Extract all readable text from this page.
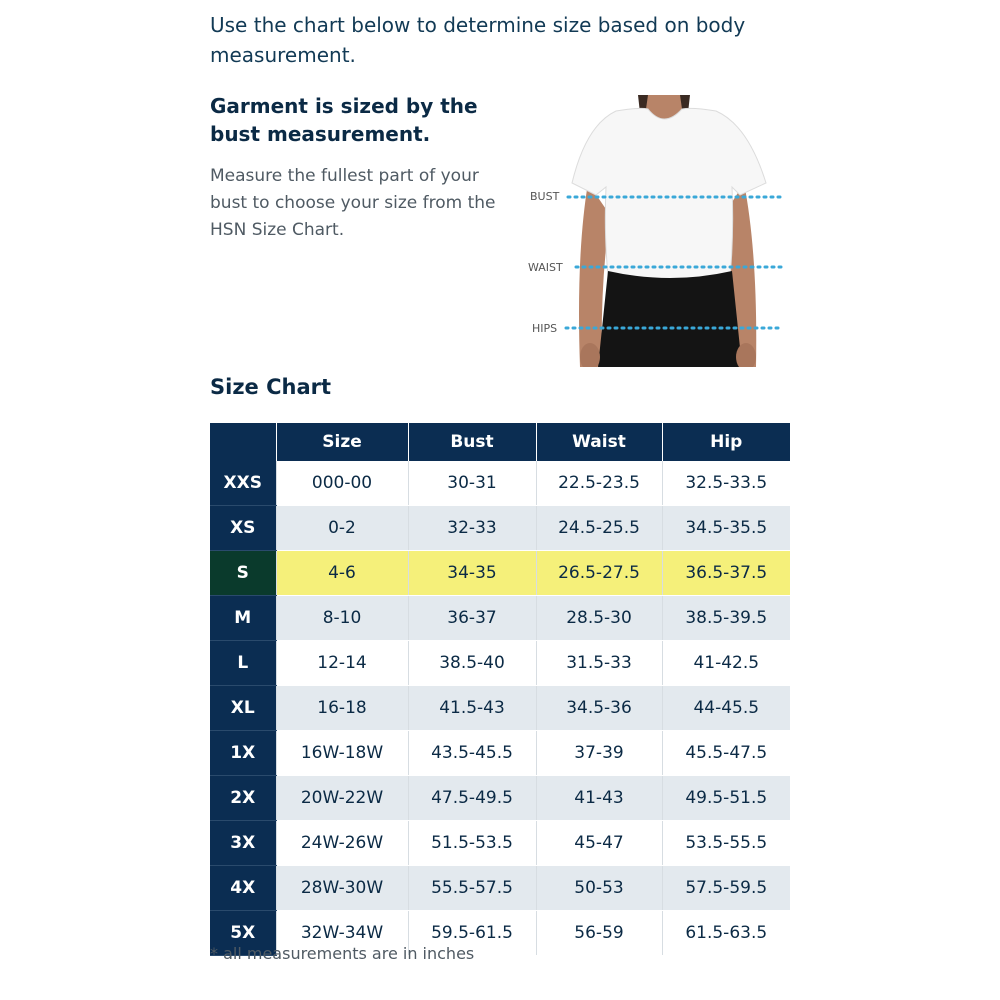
Use the chart below to determine size based on body measurement.

Garment is sized by the bust measurement.

Measure the fullest part of your bust to choose your size from the HSN Size Chart.

BUST
WAIST
HIPS
Size Chart
	Size	Bust	Waist	Hip
XXS	000-00	30-31	22.5-23.5	32.5-33.5
XS	0-2	32-33	24.5-25.5	34.5-35.5
S	4-6	34-35	26.5-27.5	36.5-37.5
M	8-10	36-37	28.5-30	38.5-39.5
L	12-14	38.5-40	31.5-33	41-42.5
XL	16-18	41.5-43	34.5-36	44-45.5
1X	16W-18W	43.5-45.5	37-39	45.5-47.5
2X	20W-22W	47.5-49.5	41-43	49.5-51.5
3X	24W-26W	51.5-53.5	45-47	53.5-55.5
4X	28W-30W	55.5-57.5	50-53	57.5-59.5
5X	32W-34W	59.5-61.5	56-59	61.5-63.5

* all measurements are in inches
